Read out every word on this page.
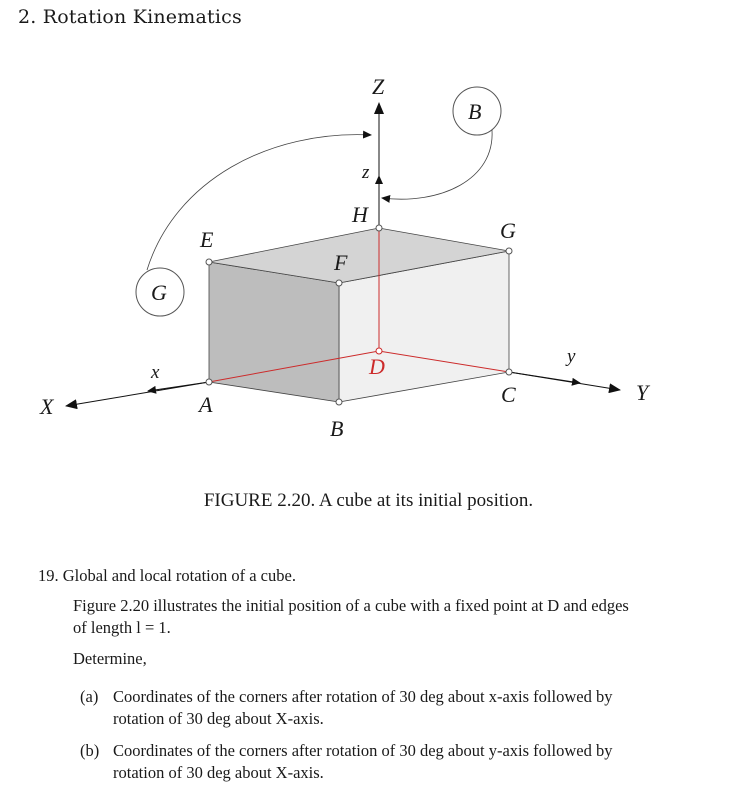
2. Rotation Kinematics
Z
z
X
x
Y
y
A
B
C
D
E
F
G
H
G
B
FIGURE 2.20. A cube at its initial position.
19. Global and local rotation of a cube.
Figure 2.20 illustrates the initial position of a cube with a fixed point at D and edges of length l = 1.
Determine,
(a) Coordinates of the corners after rotation of 30 deg about x-axis followed by rotation of 30 deg about X-axis.
(b) Coordinates of the corners after rotation of 30 deg about y-axis followed by rotation of 30 deg about X-axis.
